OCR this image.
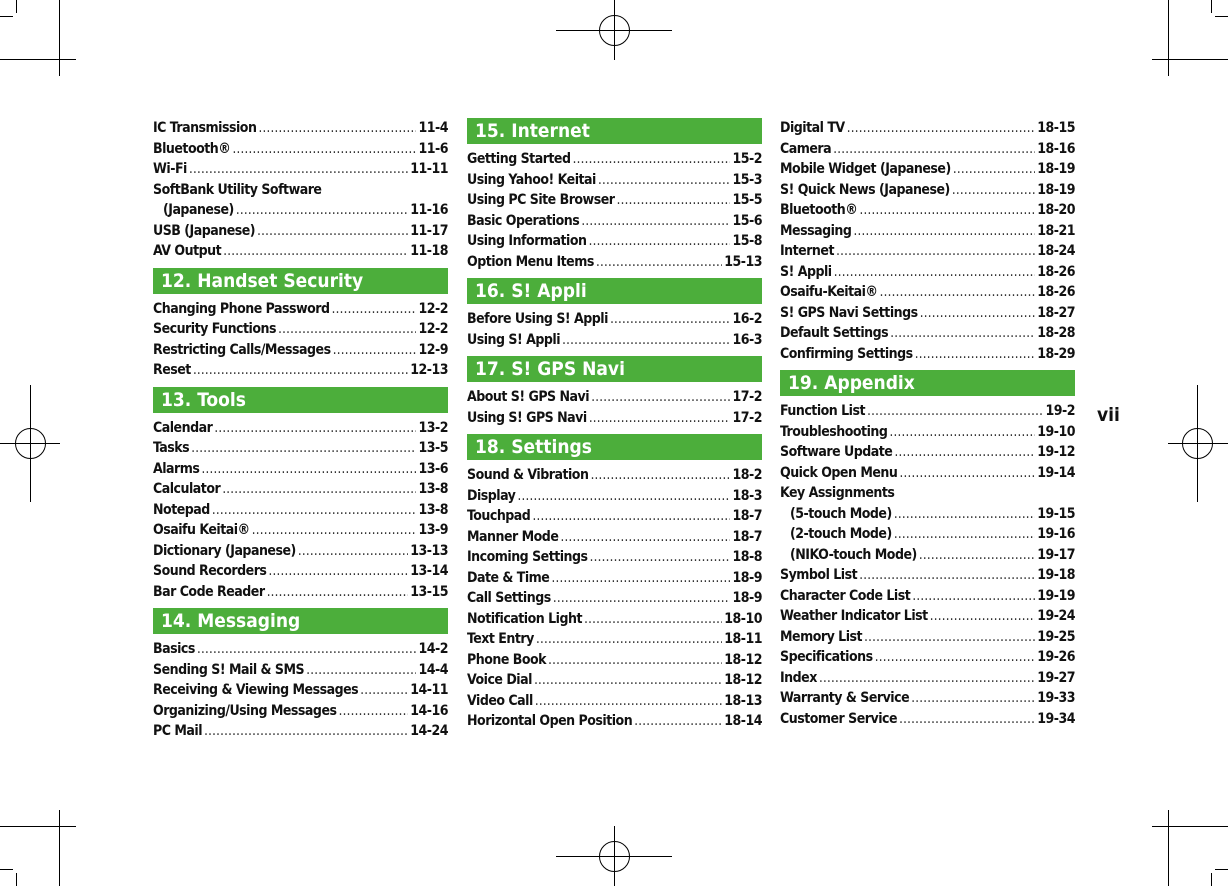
IC Transmission .....	11-4
Bluetooth® .....	11-6
Wi-Fi .....	11-11
SoftBank Utility Software
(Japanese) .....	11-16
USB (Japanese) .....	11-17
AV Output .....	11-18
12. Handset Security
Changing Phone Password .....	12-2
Security Functions .....	12-2
Restricting Calls/Messages .....	12-9
Reset .....	12-13
13. Tools
Calendar .....	13-2
Tasks .....	13-5
Alarms .....	13-6
Calculator .....	13-8
Notepad .....	13-8
Osaifu Keitai® .....	13-9
Dictionary (Japanese) .....	13-13
Sound Recorders .....	13-14
Bar Code Reader .....	13-15
14. Messaging
Basics .....	14-2
Sending S! Mail & SMS .....	14-4
Receiving & Viewing Messages .....	14-11
Organizing/Using Messages .....	14-16
PC Mail .....	14-24
15. Internet
Getting Started .....	15-2
Using Yahoo! Keitai .....	15-3
Using PC Site Browser .....	15-5
Basic Operations .....	15-6
Using Information .....	15-8
Option Menu Items .....	15-13
16. S! Appli
Before Using S! Appli .....	16-2
Using S! Appli .....	16-3
17. S! GPS Navi
About S! GPS Navi .....	17-2
Using S! GPS Navi .....	17-2
18. Settings
Sound & Vibration .....	18-2
Display .....	18-3
Touchpad .....	18-7
Manner Mode .....	18-7
Incoming Settings .....	18-8
Date & Time .....	18-9
Call Settings .....	18-9
Notification Light .....	18-10
Text Entry .....	18-11
Phone Book .....	18-12
Voice Dial .....	18-12
Video Call .....	18-13
Horizontal Open Position .....	18-14
Digital TV .....	18-15
Camera .....	18-16
Mobile Widget (Japanese) .....	18-19
S! Quick News (Japanese) .....	18-19
Bluetooth® .....	18-20
Messaging .....	18-21
Internet .....	18-24
S! Appli .....	18-26
Osaifu-Keitai® .....	18-26
S! GPS Navi Settings .....	18-27
Default Settings .....	18-28
Confirming Settings .....	18-29
19. Appendix
Function List .....	19-2
Troubleshooting .....	19-10
Software Update .....	19-12
Quick Open Menu .....	19-14
Key Assignments
(5-touch Mode) .....	19-15
(2-touch Mode) .....	19-16
(NIKO-touch Mode) .....	19-17
Symbol List .....	19-18
Character Code List .....	19-19
Weather Indicator List .....	19-24
Memory List .....	19-25
Specifications .....	19-26
Index .....	19-27
Warranty & Service .....	19-33
Customer Service .....	19-34
vii
